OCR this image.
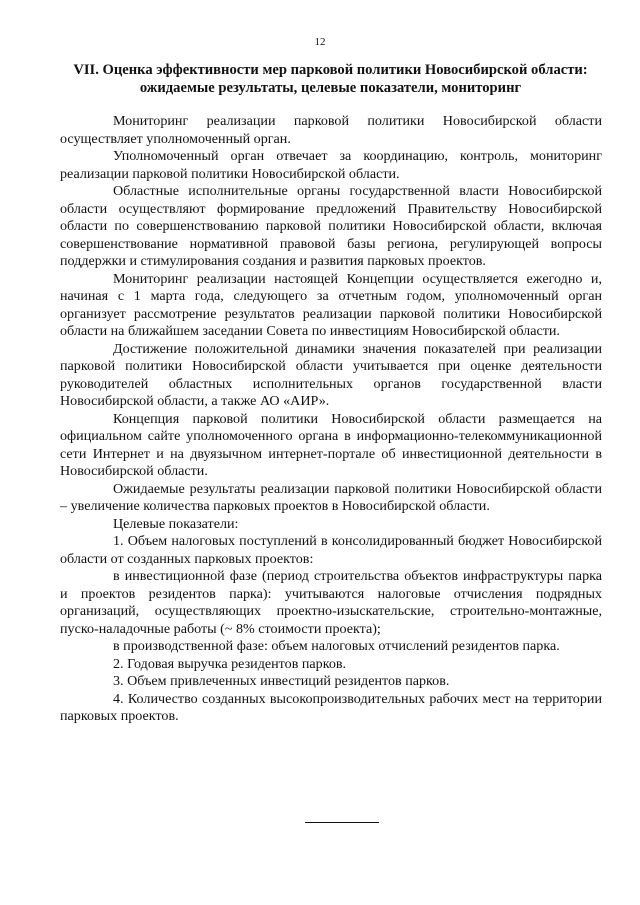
12
VII. Оценка эффективности мер парковой политики Новосибирской области:
ожидаемые результаты, целевые показатели, мониторинг

Мониторинг реализации парковой политики Новосибирской области осуществляет уполномоченный орган.

Уполномоченный орган отвечает за координацию, контроль, мониторинг реализации парковой политики Новосибирской области.

Областные исполнительные органы государственной власти Новосибирской области осуществляют формирование предложений Правительству Новосибирской области по совершенствованию парковой политики Новосибирской области, включая совершенствование нормативной правовой базы региона, регулирующей вопросы поддержки и стимулирования создания и развития парковых проектов.

Мониторинг реализации настоящей Концепции осуществляется ежегодно и, начиная с 1 марта года, следующего за отчетным годом, уполномоченный орган организует рассмотрение результатов реализации парковой политики Новосибирской области на ближайшем заседании Совета по инвестициям Новосибирской области.

Достижение положительной динамики значения показателей при реализации парковой политики Новосибирской области учитывается при оценке деятельности руководителей областных исполнительных органов государственной власти Новосибирской области, а также АО «АИР».

Концепция парковой политики Новосибирской области размещается на официальном сайте уполномоченного органа в информационно-телекоммуникационной сети Интернет и на двуязычном интернет-портале об инвестиционной деятельности в Новосибирской области.

Ожидаемые результаты реализации парковой политики Новосибирской области – увеличение количества парковых проектов в Новосибирской области.

Целевые показатели:

1. Объем налоговых поступлений в консолидированный бюджет Новосибирской области от созданных парковых проектов:

в инвестиционной фазе (период строительства объектов инфраструктуры парка и проектов резидентов парка): учитываются налоговые отчисления подрядных организаций, осуществляющих проектно-изыскательские, строительно-монтажные, пуско-наладочные работы (~ 8% стоимости проекта);

в производственной фазе: объем налоговых отчислений резидентов парка.

2. Годовая выручка резидентов парков.

3. Объем привлеченных инвестиций резидентов парков.

4. Количество созданных высокопроизводительных рабочих мест на территории парковых проектов.
